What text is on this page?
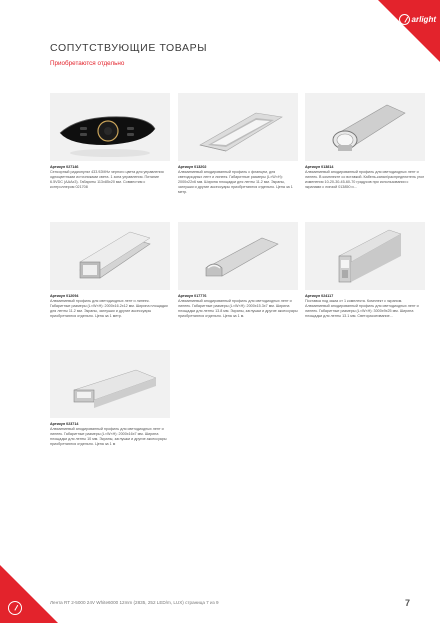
arlight
СОПУТСТВУЮЩИЕ ТОВАРЫ
Приобретаются отдельно
Артикул 027146
Сенсорный радиопульт 433.92MHz черного цвета для управления одноцветными источниками света. 1 зона управления. Питание 6.5VDC (AAAx3). Габариты 113x85x20 мм. Совместим с контроллером 021708
Артикул 013202
Алюминиевый анодированный профиль с фланцем, для светодиодных лент и линеек. Габаритные размеры (L×W×H): 2000x22x6 мм. Ширина площадки для ленты 11.2 мм. Экраны, заглушки и другие аксессуары приобретаются отдельно. Цена за 1 метр.
Артикул 013814
Алюминиевый анодированный профиль для светодиодных лент и линеек. В комплекте со вставкой. Кабель-канал/распределитель угол изменения 10-20-30-45-60-70 градусов при использовании с экранами с линзой 013850 и...
Артикул 012094
Алюминиевый профиль для светодиодных лент и линеек. Габаритные размеры (L×W×H): 2000x16.2x12 мм. Ширина площадки для ленты 11.2 мм. Экраны, заглушки и другие аксессуары приобретаются отдельно. Цена за 1 метр.
Артикул 017776
Алюминиевый анодированный профиль для светодиодных лент и линеек. Габаритные размеры (L×W×H): 2000x15.3x7 мм. Ширина площадки для ленты 13.8 мм. Экраны, заглушки и другие аксессуары приобретаются отдельно. Цена за 1 м.
Артикул 024117
Поставка под заказ от 1 комплекта. Комплект с экраном. Алюминиевый анодированный профиль для светодиодных лент и линеек. Габаритные размеры (L×W×H): 3000x9x25 мм. Ширина площадки для ленты 13.1 мм. Светорассеивание...
Артикул 023714
Алюминиевый анодированный профиль для светодиодных лент и линеек. Габаритные размеры (L×W×H): 2000x16x7 мм. Ширина площадки для ленты 10 мм. Экраны, заглушки и другие аксессуары приобретаются отдельно. Цена за 1 м
Лента RT 2-5000 24V White6000 12mm (2835, 252 LED/m, LUX) страница 7 из 9	7
